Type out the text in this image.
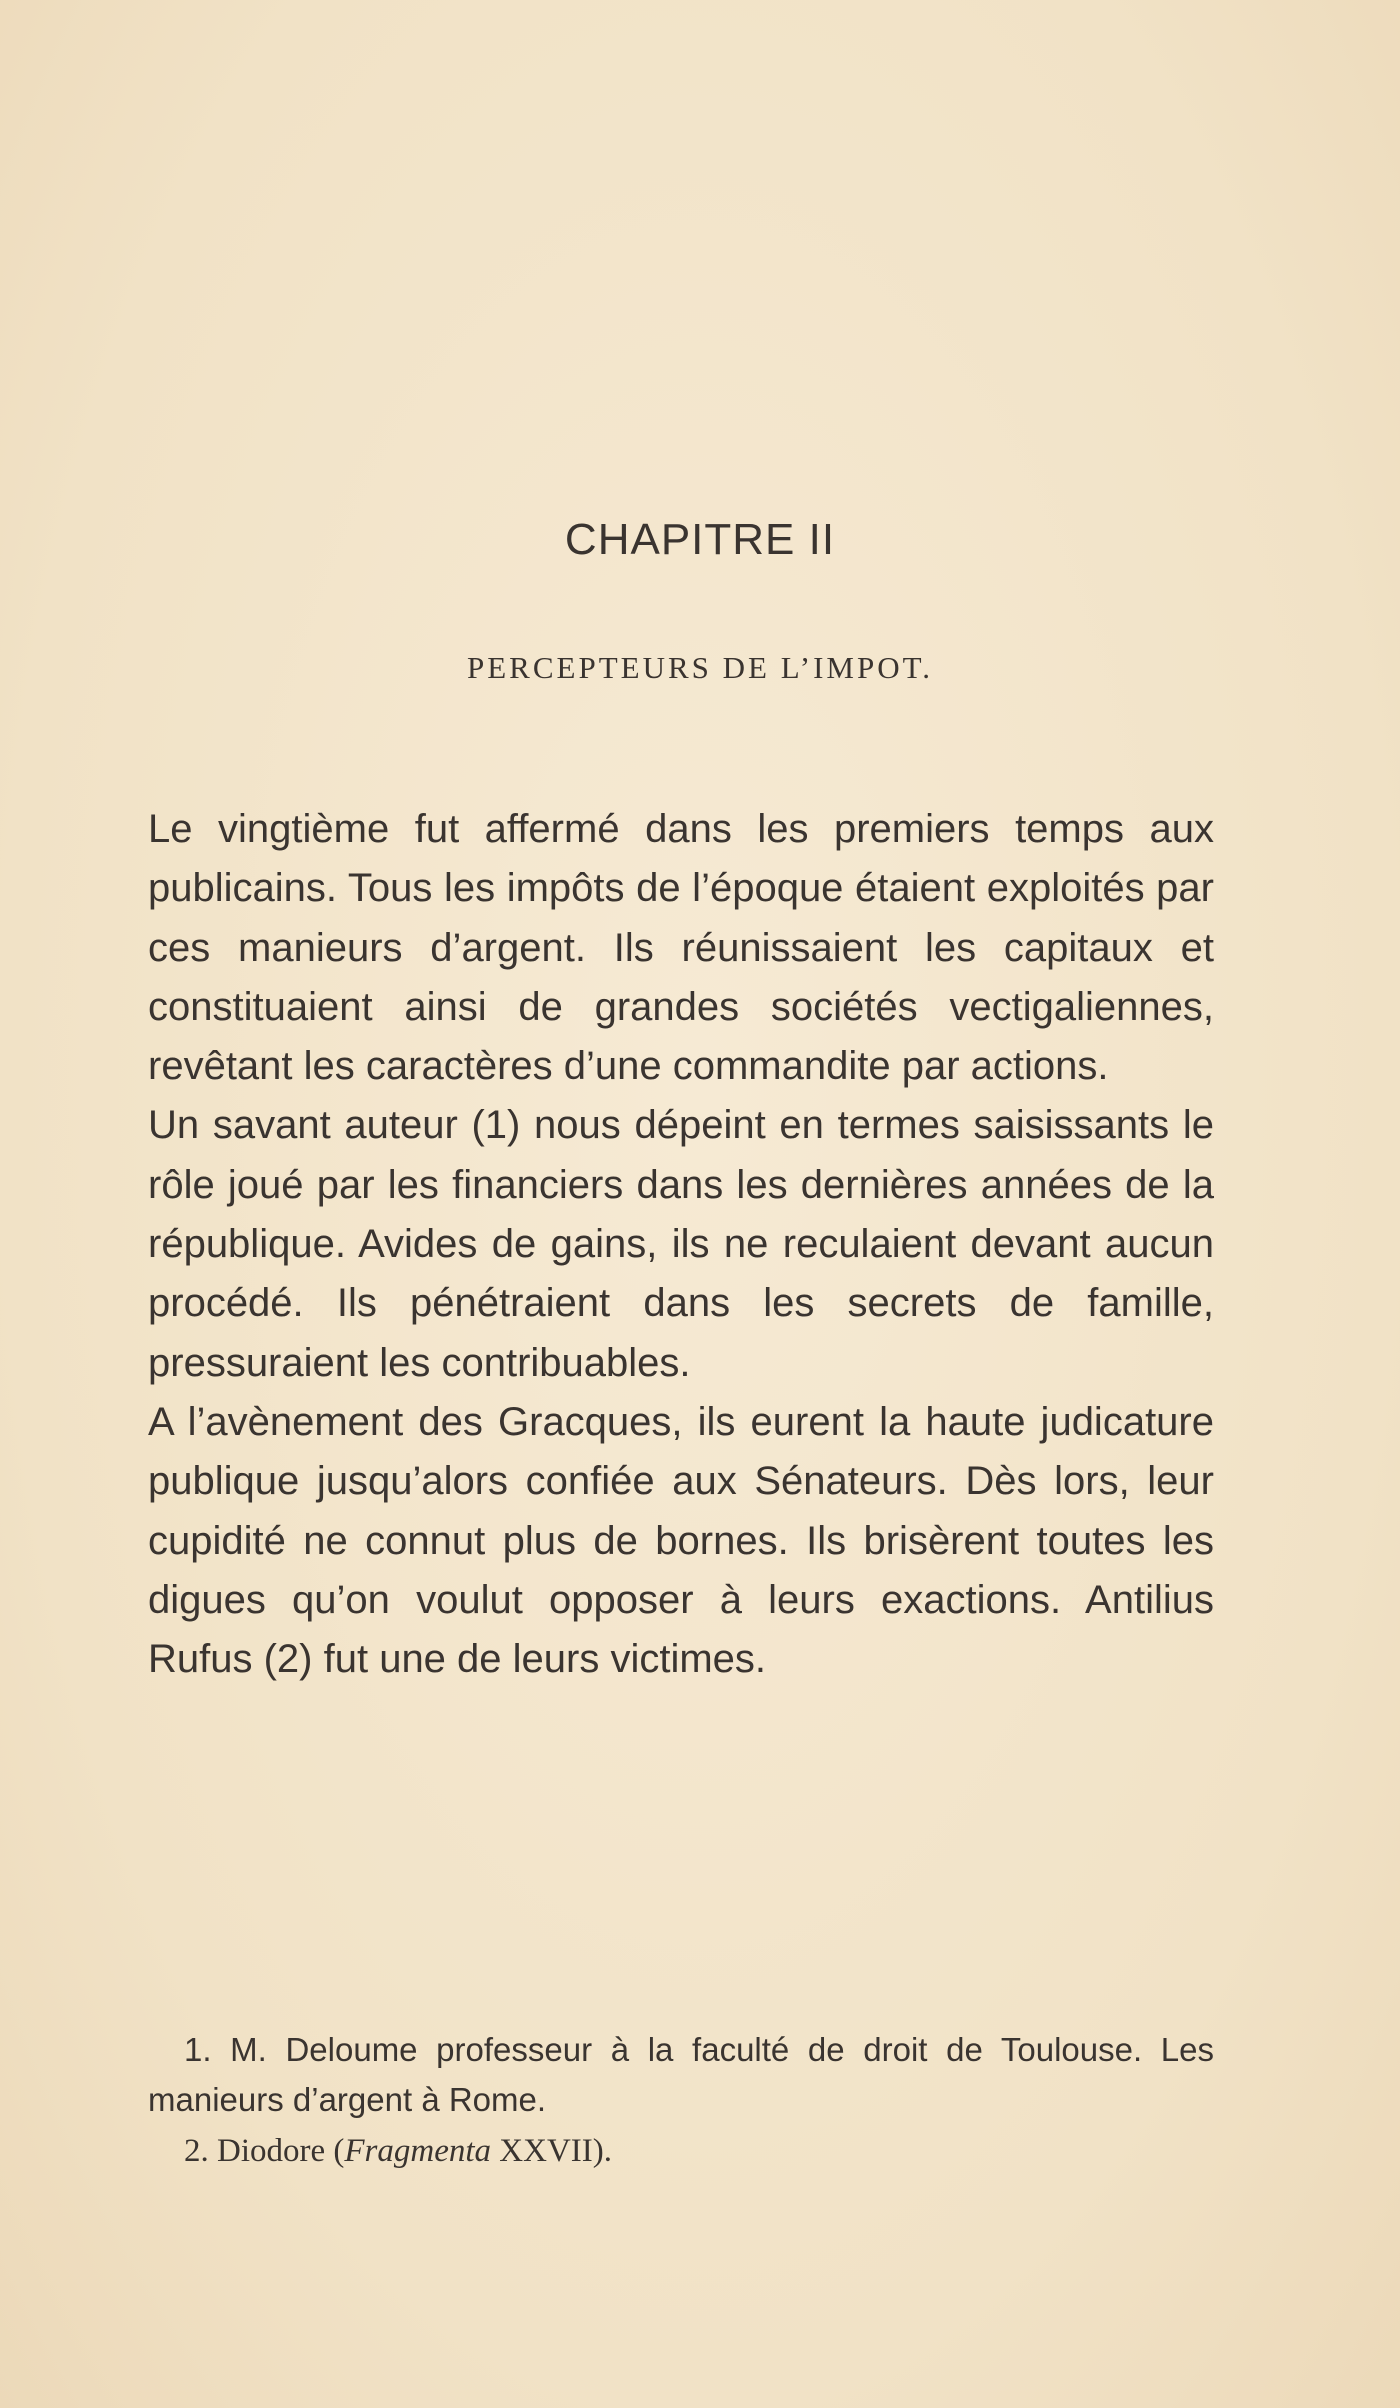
CHAPITRE II
PERCEPTEURS DE L’IMPOT.

Le vingtième fut affermé dans les premiers temps aux publicains. Tous les impôts de l’époque étaient exploités par ces manieurs d’argent. Ils réunissaient les capitaux et constituaient ainsi de grandes sociétés vectigaliennes, revêtant les caractères d’une commandite par actions.

Un savant auteur (1) nous dépeint en termes saisissants le rôle joué par les financiers dans les dernières années de la république. Avides de gains, ils ne reculaient devant aucun procédé. Ils pénétraient dans les secrets de famille, pressuraient les contribuables.

A l’avènement des Gracques, ils eurent la haute judicature publique jusqu’alors confiée aux Sénateurs. Dès lors, leur cupidité ne connut plus de bornes. Ils brisèrent toutes les digues qu’on voulut opposer à leurs exactions. Antilius Rufus (2) fut une de leurs victimes.

1. M. Deloume professeur à la faculté de droit de Toulouse. Les manieurs d’argent à Rome.

2. Diodore (Fragmenta XXVII).
